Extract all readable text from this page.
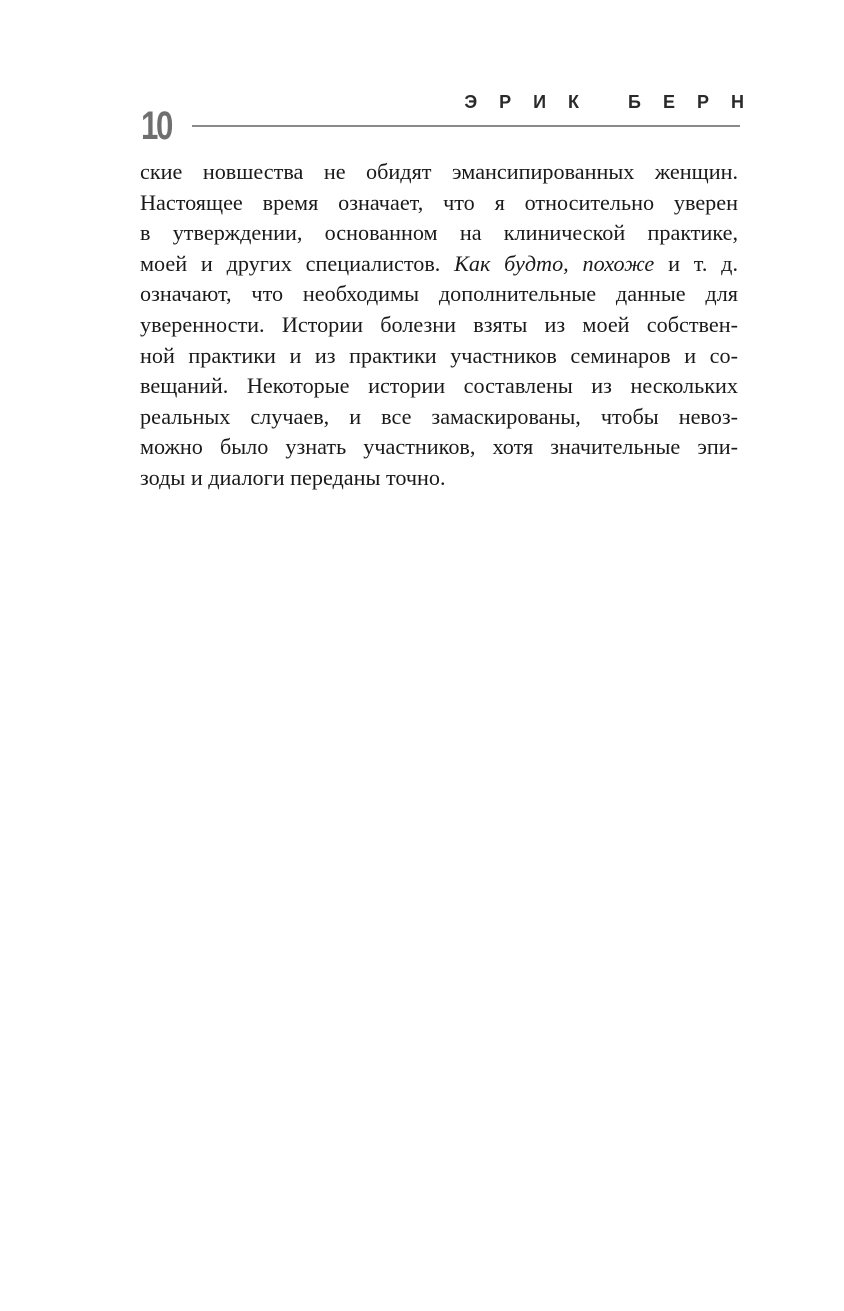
10
ЭРИК БЕРН
ские новшества не обидят эмансипированных женщин.
Настоящее время означает, что я относительно уверен
в утверждении, основанном на клинической практике,
моей и других специалистов. Как будто, похоже и т. д.
означают, что необходимы дополнительные данные для
уверенности. Истории болезни взяты из моей собствен-
ной практики и из практики участников семинаров и со-
вещаний. Некоторые истории составлены из нескольких
реальных случаев, и все замаскированы, чтобы невоз-
можно было узнать участников, хотя значительные эпи-
зоды и диалоги переданы точно.
